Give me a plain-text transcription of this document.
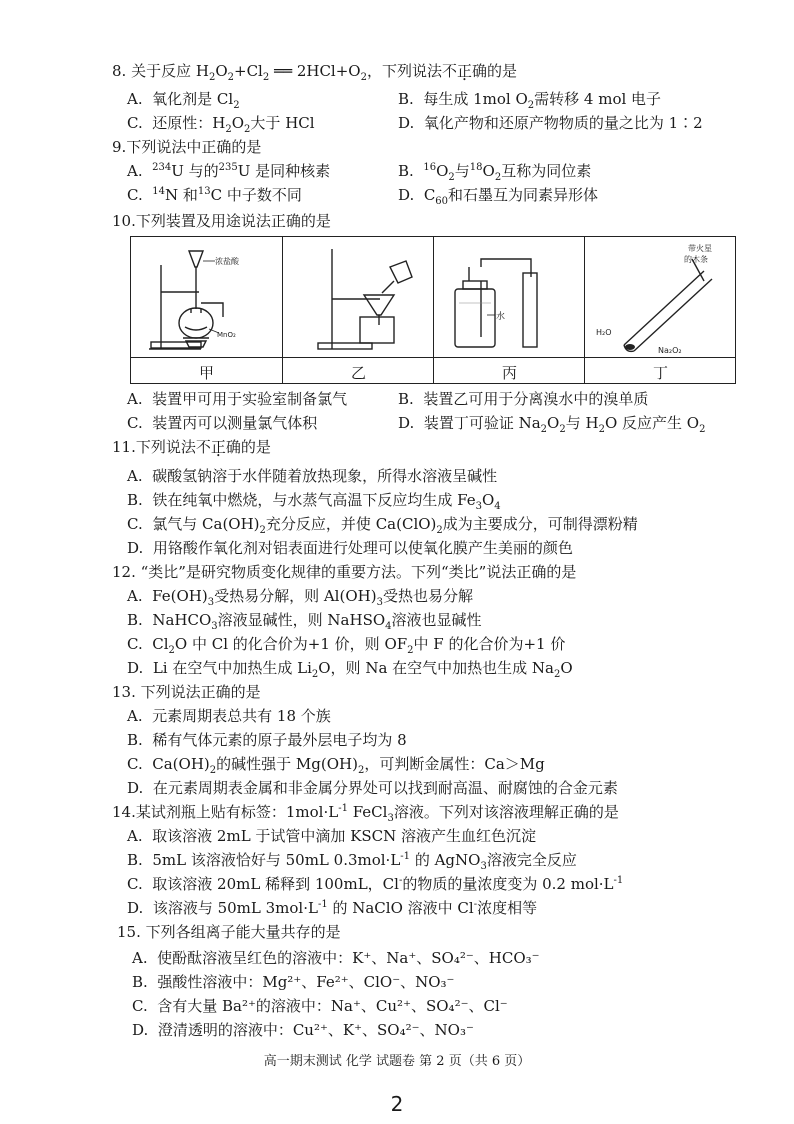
8. 关于反应 $H_2O_2+Cl_2$ ══ $2HCl+O_2$，下列说法不正确的是
A. 氧化剂是 $Cl_2$	B. 每生成 1mol $O_2$需转移 4 mol 电子
C. 还原性：$H_2O_2$大于 HCl	D. 氧化产物和还原产物物质的量之比为 1∶2
9.下列说法中正确的是
A. $^{234}$U 与的$^{235}$U 是同种核素	B. $^{16}O_2$与$^{18}O_2$互称为同位素
C. $^{14}$N 和$^{13}$C 中子数不同	D. $C_{60}$和石墨互为同素异形体
10.下列装置及用途说法正确的是
浓盐酸
MnO₂
水
带火星
的木条
H₂O
Na₂O₂
甲	乙	丙	丁
A. 装置甲可用于实验室制备氯气	B. 装置乙可用于分离溴水中的溴单质
C. 装置丙可以测量氯气体积	D. 装置丁可验证 $Na_2O_2$与 $H_2O$ 反应产生 $O_2$
11.下列说法不正确的是
A. 碳酸氢钠溶于水伴随着放热现象，所得水溶液呈碱性
B. 铁在纯氧中燃烧，与水蒸气高温下反应均生成 $Fe_3O_4$
C. 氯气与 $Ca(OH)_2$充分反应，并使 $Ca(ClO)_2$成为主要成分，可制得漂粉精
D. 用铬酸作氧化剂对铝表面进行处理可以使氧化膜产生美丽的颜色
12. “类比”是研究物质变化规律的重要方法。下列“类比”说法正确的是
A. $Fe(OH)_3$受热易分解，则 $Al(OH)_3$受热也易分解
B. NaHCO$_3$溶液显碱性，则 NaHSO$_4$溶液也显碱性
C. $Cl_2O$ 中 Cl 的化合价为+1 价，则 $OF_2$中 F 的化合价为+1 价
D. Li 在空气中加热生成 $Li_2O$，则 Na 在空气中加热也生成 $Na_2O$
13. 下列说法正确的是
A. 元素周期表总共有 18 个族
B. 稀有气体元素的原子最外层电子均为 8
C. $Ca(OH)_2$的碱性强于 $Mg(OH)_2$，可判断金属性：Ca＞Mg
D. 在元素周期表金属和非金属分界处可以找到耐高温、耐腐蚀的合金元素
14.某试剂瓶上贴有标签：$1mol\cdot L^{-1}$ FeCl$_3$溶液。下列对该溶液理解正确的是
A. 取该溶液 2mL 于试管中滴加 KSCN 溶液产生血红色沉淀
B. 5mL 该溶液恰好与 50mL $0.3mol\cdot L^{-1}$ 的 AgNO$_3$溶液完全反应
C. 取该溶液 20mL 稀释到 100mL，Cl-的物质的量浓度变为 0.2 $mol\cdot L^{-1}$
D. 该溶液与 50mL $3mol\cdot L^{-1}$ 的 NaClO 溶液中 Cl-浓度相等
15. 下列各组离子能大量共存的是
A. 使酚酞溶液呈红色的溶液中：K⁺、Na⁺、SO₄²⁻、HCO₃⁻
B. 强酸性溶液中：Mg²⁺、Fe²⁺、ClO⁻、NO₃⁻
C. 含有大量 Ba²⁺的溶液中：Na⁺、Cu²⁺、SO₄²⁻、Cl⁻
D. 澄清透明的溶液中：Cu²⁺、K⁺、SO₄²⁻、NO₃⁻
高一期末测试 化学 试题卷 第 2 页（共 6 页）
2
